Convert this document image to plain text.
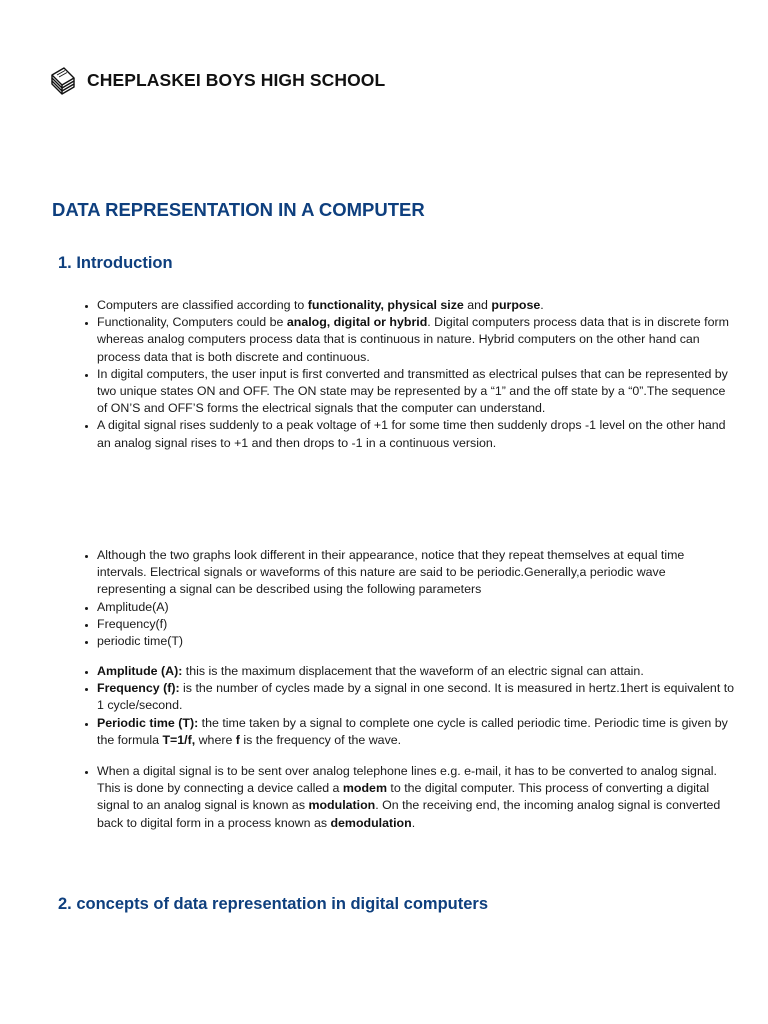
CHEPLASKEI BOYS HIGH SCHOOL
DATA REPRESENTATION IN A COMPUTER
1. Introduction
• Computers are classified according to functionality, physical size and purpose.
• Functionality, Computers could be analog, digital or hybrid. Digital computers process data that is in discrete form whereas analog computers process data that is continuous in nature. Hybrid computers on the other hand can process data that is both discrete and continuous.
• In digital computers, the user input is first converted and transmitted as electrical pulses that can be represented by two unique states ON and OFF. The ON state may be represented by a “1” and the off state by a “0”.The sequence of ON’S and OFF’S forms the electrical signals that the computer can understand.
• A digital signal rises suddenly to a peak voltage of +1 for some time then suddenly drops -1 level on the other hand an analog signal rises to +1 and then drops to -1 in a continuous version.
• Although the two graphs look different in their appearance, notice that they repeat themselves at equal time intervals. Electrical signals or waveforms of this nature are said to be periodic.Generally,a periodic wave representing a signal can be described using the following parameters
• Amplitude(A)
• Frequency(f)
• periodic time(T)
• Amplitude (A): this is the maximum displacement that the waveform of an electric signal can attain.
• Frequency (f): is the number of cycles made by a signal in one second. It is measured in hertz.1hert is equivalent to 1 cycle/second.
• Periodic time (T): the time taken by a signal to complete one cycle is called periodic time. Periodic time is given by the formula T=1/f, where f is the frequency of the wave.
• When a digital signal is to be sent over analog telephone lines e.g. e-mail, it has to be converted to analog signal. This is done by connecting a device called a modem to the digital computer. This process of converting a digital signal to an analog signal is known as modulation. On the receiving end, the incoming analog signal is converted back to digital form in a process known as demodulation.
2. concepts of data representation in digital computers
